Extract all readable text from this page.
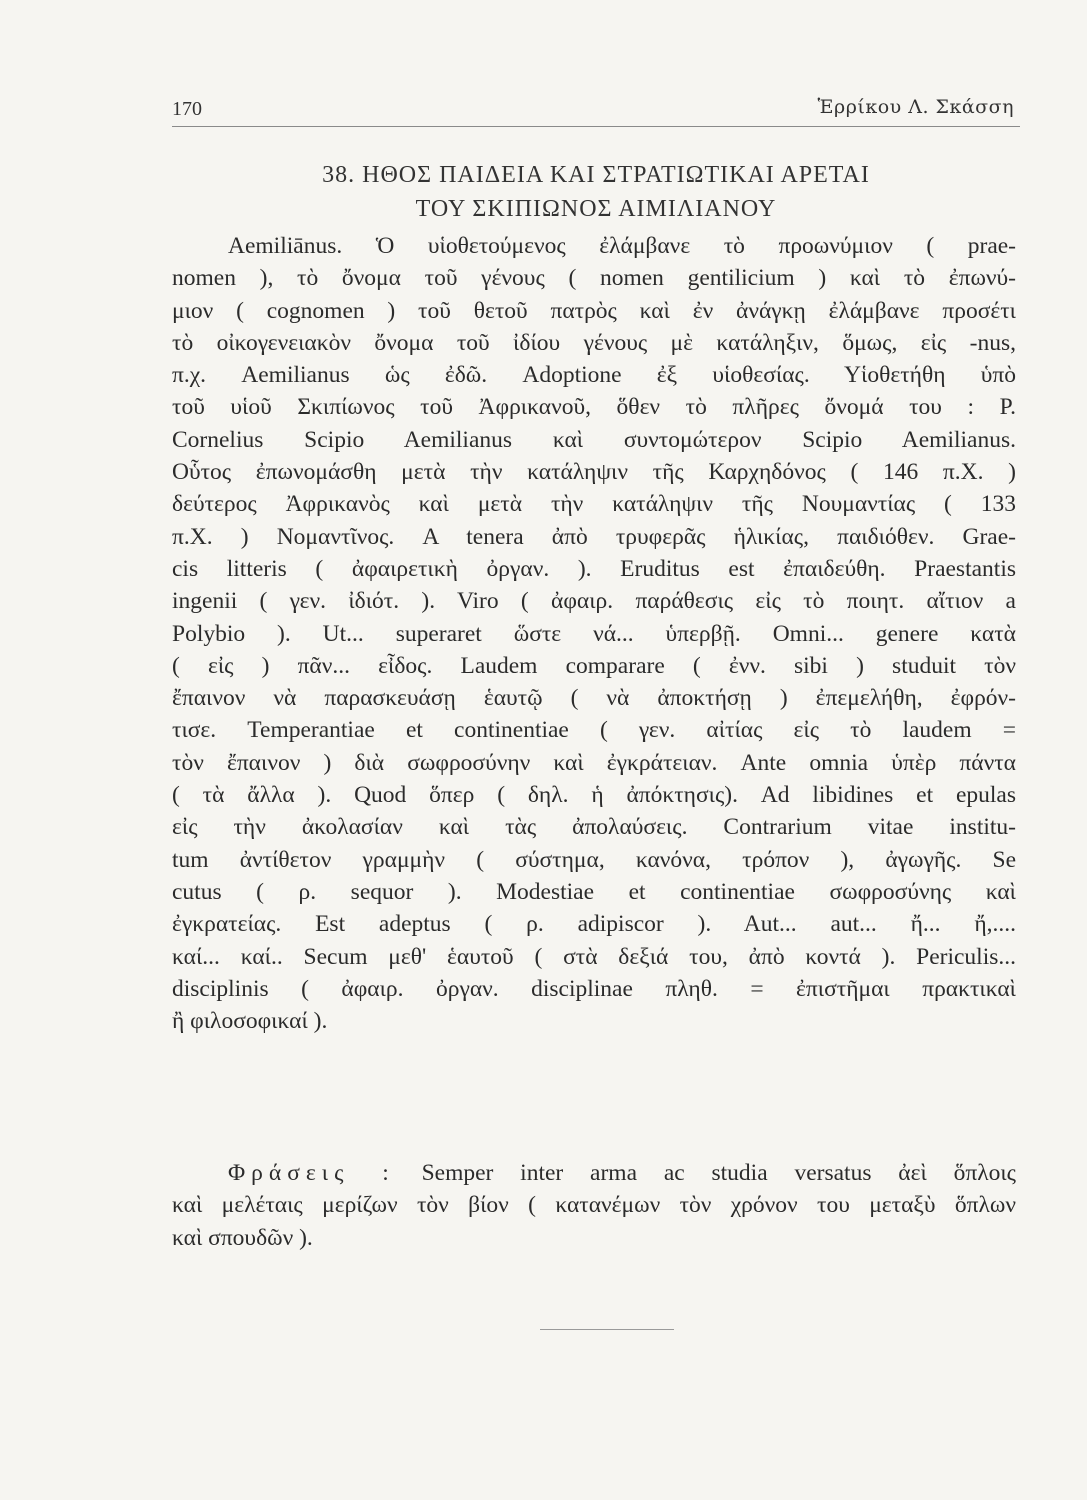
170	Ἑρρίκου Λ. Σκάσση
38. ΗΘΟΣ ΠΑΙΔΕΙΑ ΚΑΙ ΣΤΡΑΤΙΩΤΙΚΑΙ ΑΡΕΤΑΙ
ΤΟΥ ΣΚΙΠΙΩΝΟΣ ΑΙΜΙΛΙΑΝΟΥ
Aemiliānus. Ὁ υἱοθετούμενος ἐλάμβανε τὸ προωνύμιον ( prae-
nomen ), τὸ ὄνομα τοῦ γένους ( nomen gentilicium ) καὶ τὸ ἐπωνύ-
μιον ( cognomen ) τοῦ θετοῦ πατρὸς καὶ ἐν ἀνάγκῃ ἐλάμβανε προσέτι
τὸ οἰκογενειακὸν ὄνομα τοῦ ἰδίου γένους μὲ κατάληξιν, ὅμως, εἰς -nus,
π.χ. Aemilianus ὡς ἐδῶ. Adoptione ἐξ υἱοθεσίας. Υἱοθετήθη ὑπὸ
τοῦ υἱοῦ Σκιπίωνος τοῦ Ἀφρικανοῦ, ὅθεν τὸ πλῆρες ὄνομά του : P.
Cornelius Scipio Aemilianus καὶ συντομώτερον Scipio Aemilianus.
Οὗτος ἐπωνομάσθη μετὰ τὴν κατάληψιν τῆς Καρχηδόνος ( 146 π.Χ. )
δεύτερος Ἀφρικανὸς καὶ μετὰ τὴν κατάληψιν τῆς Νουμαντίας ( 133
π.Χ. ) Νομαντῖνος. A tenera ἀπὸ τρυφερᾶς ἡλικίας, παιδιόθεν. Grae-
cis litteris ( ἀφαιρετικὴ ὀργαν. ). Eruditus est ἐπαιδεύθη. Praestantis
ingenii ( γεν. ἰδιότ. ). Viro ( ἀφαιρ. παράθεσις εἰς τὸ ποιητ. αἴτιον a
Polybio ). Ut... superaret ὥστε νά... ὑπερβῇ. Omni... genere κατὰ
( εἰς ) πᾶν... εἶδος. Laudem comparare ( ἐνν. sibi ) studuit τὸν
ἔπαινον νὰ παρασκευάσῃ ἑαυτῷ ( νὰ ἀποκτήσῃ ) ἐπεμελήθη, ἐφρόν-
τισε. Temperantiae et continentiae ( γεν. αἰτίας εἰς τὸ laudem =
τὸν ἔπαινον ) διὰ σωφροσύνην καὶ ἐγκράτειαν. Ante omnia ὑπὲρ πάντα
( τὰ ἄλλα ). Quod ὅπερ ( δηλ. ἡ ἀπόκτησις). Ad libidines et epulas
εἰς τὴν ἀκολασίαν καὶ τὰς ἀπολαύσεις. Contrarium vitae institu-
tum ἀντίθετον γραμμὴν ( σύστημα, κανόνα, τρόπον ), ἀγωγῆς. Se
cutus ( ρ. sequor ). Modestiae et continentiae σωφροσύνης καὶ
ἐγκρατείας. Est adeptus ( ρ. adipiscor ). Aut... aut... ἤ... ἤ,....
καί... καί.. Secum μεθ' ἑαυτοῦ ( στὰ δεξιά του, ἀπὸ κοντά ). Periculis...
disciplinis ( ἀφαιρ. ὀργαν. disciplinae πληθ. = ἐπιστῆμαι πρακτικαὶ
ἢ φιλοσοφικαί ).
Φράσεις : Semper inter arma ac studia versatus ἀεὶ ὅπλοις
καὶ μελέταις μερίζων τὸν βίον ( κατανέμων τὸν χρόνον του μεταξὺ ὅπλων
καὶ σπουδῶν ).
